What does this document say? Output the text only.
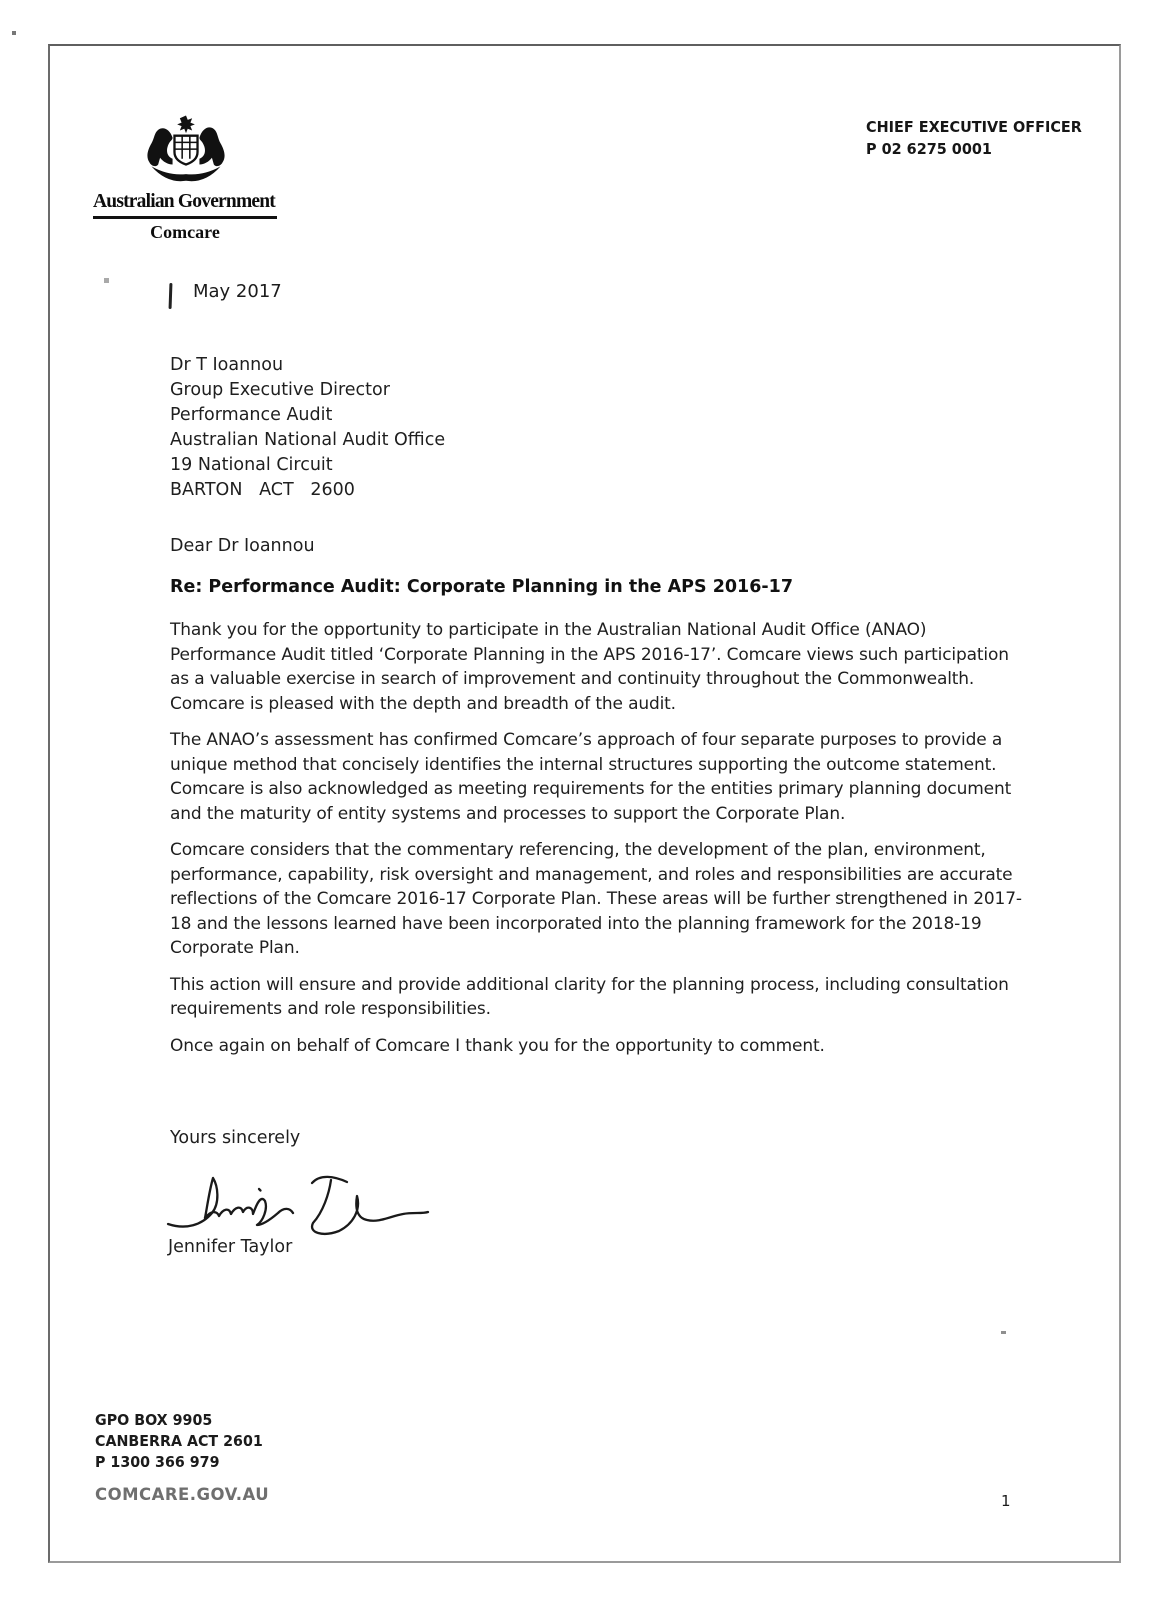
Australian Government
Comcare
CHIEF EXECUTIVE OFFICER
P 02 6275 0001
May 2017
Dr T Ioannou
Group Executive Director
Performance Audit
Australian National Audit Office
19 National Circuit
BARTON   ACT   2600
Dear Dr Ioannou
Re: Performance Audit: Corporate Planning in the APS 2016-17

Thank you for the opportunity to participate in the Australian National Audit Office (ANAO) Performance Audit titled ‘Corporate Planning in the APS 2016-17’. Comcare views such participation as a valuable exercise in search of improvement and continuity throughout the Commonwealth. Comcare is pleased with the depth and breadth of the audit.

The ANAO’s assessment has confirmed Comcare’s approach of four separate purposes to provide a unique method that concisely identifies the internal structures supporting the outcome statement. Comcare is also acknowledged as meeting requirements for the entities primary planning document and the maturity of entity systems and processes to support the Corporate Plan.

Comcare considers that the commentary referencing, the development of the plan, environment, performance, capability, risk oversight and management, and roles and responsibilities are accurate reflections of the Comcare 2016-17 Corporate Plan. These areas will be further strengthened in 2017-18 and the lessons learned have been incorporated into the planning framework for the 2018-19 Corporate Plan.

This action will ensure and provide additional clarity for the planning process, including consultation requirements and role responsibilities.

Once again on behalf of Comcare I thank you for the opportunity to comment.

Yours sincerely
Jennifer Taylor
GPO BOX 9905
CANBERRA ACT 2601
P 1300 366 979
COMCARE.GOV.AU	1
